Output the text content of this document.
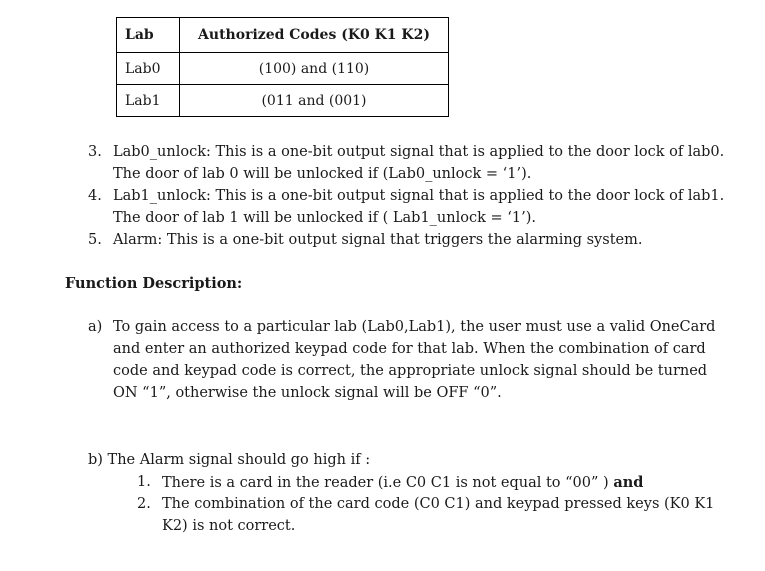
Lab	Authorized Codes (K0 K1 K2)
Lab0	(100) and (110)
Lab1	(011 and (001)
3. Lab0_unlock: This is a one-bit output signal that is applied to the door lock of lab0.
The door of lab 0 will be unlocked if (Lab0_unlock = ‘1’).
4. Lab1_unlock: This is a one-bit output signal that is applied to the door lock of lab1.
The door of lab 1 will be unlocked if ( Lab1_unlock = ‘1’).
5. Alarm: This is a one-bit output signal that triggers the alarming system.
Function Description:
a) To gain access to a particular lab (Lab0,Lab1), the user must use a valid OneCard
and enter an authorized keypad code for that lab. When the combination of card
code and keypad code is correct, the appropriate unlock signal should be turned
ON “1”, otherwise the unlock signal will be OFF “0”.
b) The Alarm signal should go high if :
1. There is a card in the reader (i.e C0 C1 is not equal to “00” ) and
2. The combination of the card code (C0 C1) and keypad pressed keys (K0 K1
K2) is not correct.
